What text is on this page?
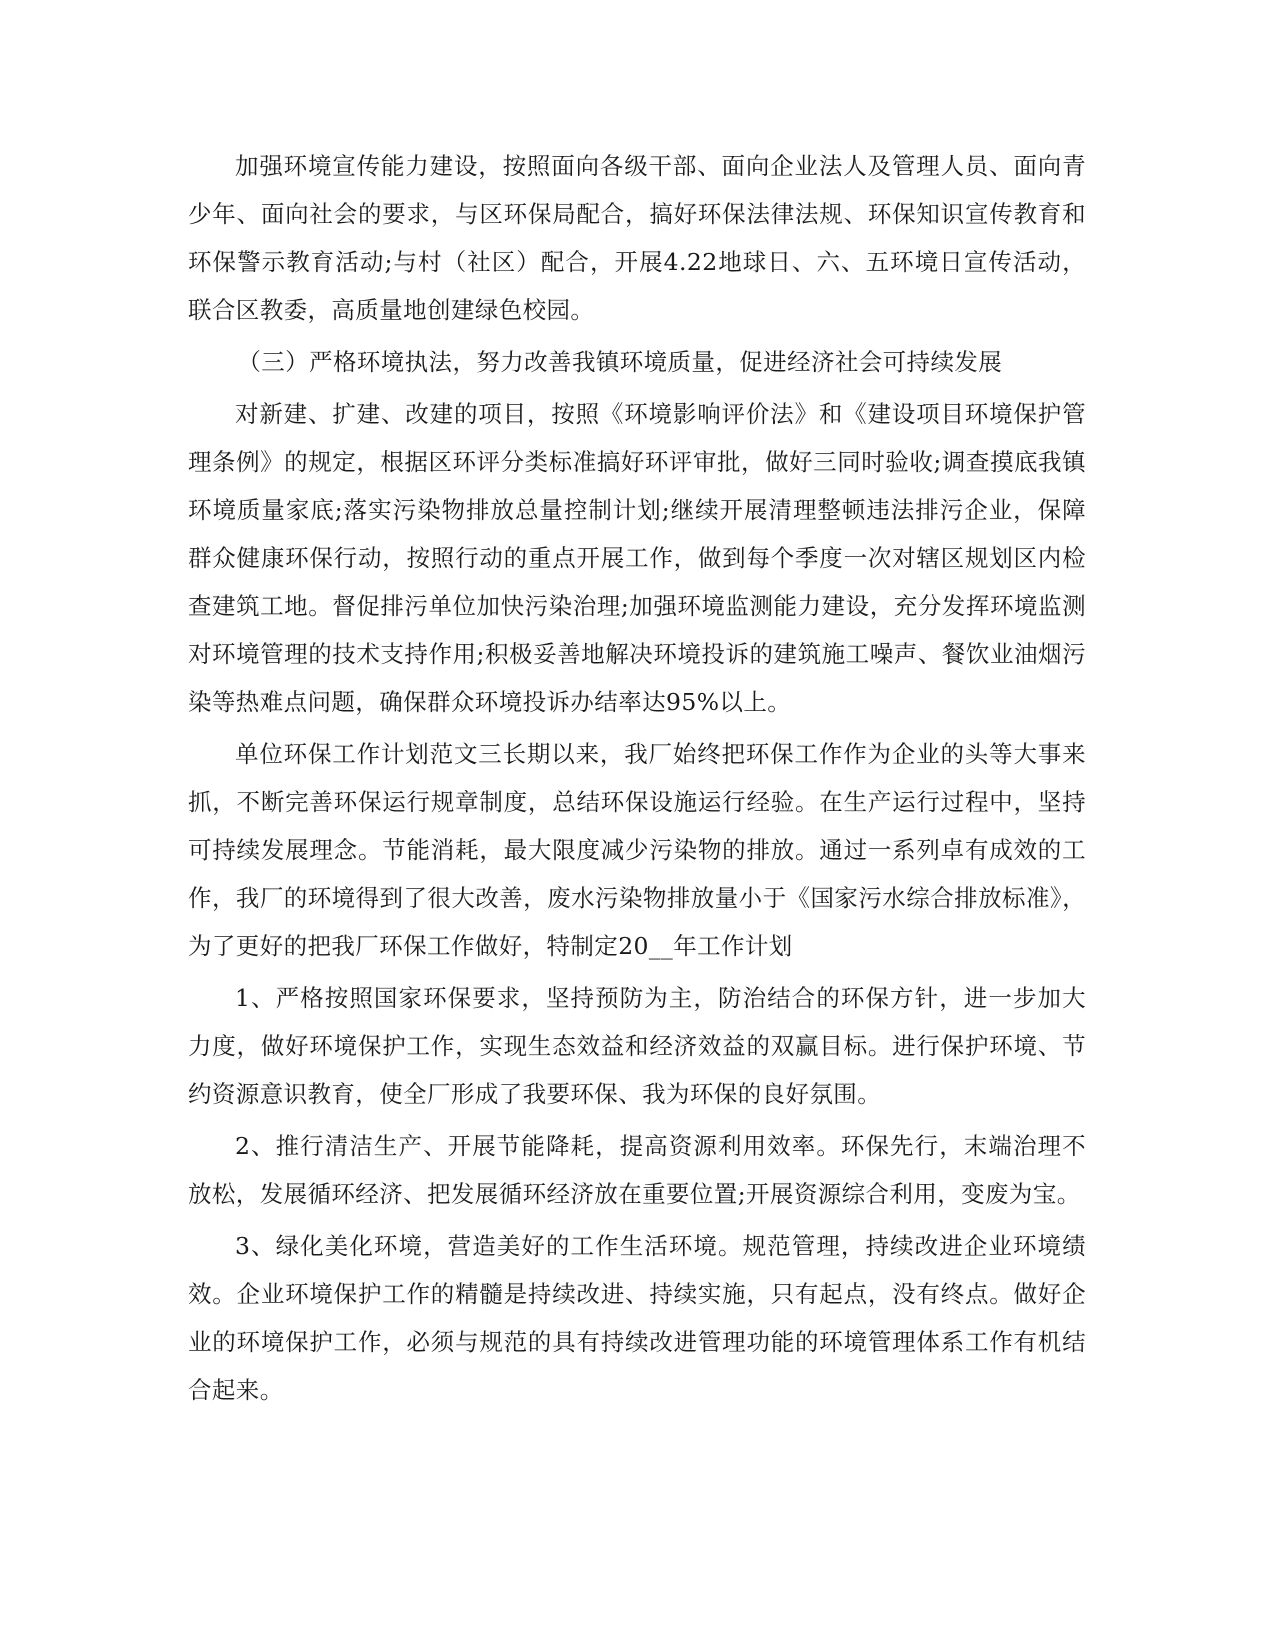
加强环境宣传能力建设，按照面向各级干部、面向企业法人及管理人员、面向青少年、面向社会的要求，与区环保局配合，搞好环保法律法规、环保知识宣传教育和环保警示教育活动;与村（社区）配合，开展4.22地球日、六、五环境日宣传活动，联合区教委，高质量地创建绿色校园。

（三）严格环境执法，努力改善我镇环境质量，促进经济社会可持续发展

对新建、扩建、改建的项目，按照《环境影响评价法》和《建设项目环境保护管理条例》的规定，根据区环评分类标准搞好环评审批，做好三同时验收;调查摸底我镇环境质量家底;落实污染物排放总量控制计划;继续开展清理整顿违法排污企业，保障群众健康环保行动，按照行动的重点开展工作，做到每个季度一次对辖区规划区内检查建筑工地。督促排污单位加快污染治理;加强环境监测能力建设，充分发挥环境监测对环境管理的技术支持作用;积极妥善地解决环境投诉的建筑施工噪声、餐饮业油烟污染等热难点问题，确保群众环境投诉办结率达95%以上。

单位环保工作计划范文三长期以来，我厂始终把环保工作作为企业的头等大事来抓，不断完善环保运行规章制度，总结环保设施运行经验。在生产运行过程中，坚持可持续发展理念。节能消耗，最大限度减少污染物的排放。通过一系列卓有成效的工作，我厂的环境得到了很大改善，废水污染物排放量小于《国家污水综合排放标准》，为了更好的把我厂环保工作做好，特制定20__年工作计划

1、严格按照国家环保要求，坚持预防为主，防治结合的环保方针，进一步加大力度，做好环境保护工作，实现生态效益和经济效益的双赢目标。进行保护环境、节约资源意识教育，使全厂形成了我要环保、我为环保的良好氛围。

2、推行清洁生产、开展节能降耗，提高资源利用效率。环保先行，末端治理不放松，发展循环经济、把发展循环经济放在重要位置;开展资源综合利用，变废为宝。

3、绿化美化环境，营造美好的工作生活环境。规范管理，持续改进企业环境绩效。企业环境保护工作的精髓是持续改进、持续实施，只有起点，没有终点。做好企业的环境保护工作，必须与规范的具有持续改进管理功能的环境管理体系工作有机结合起来。
